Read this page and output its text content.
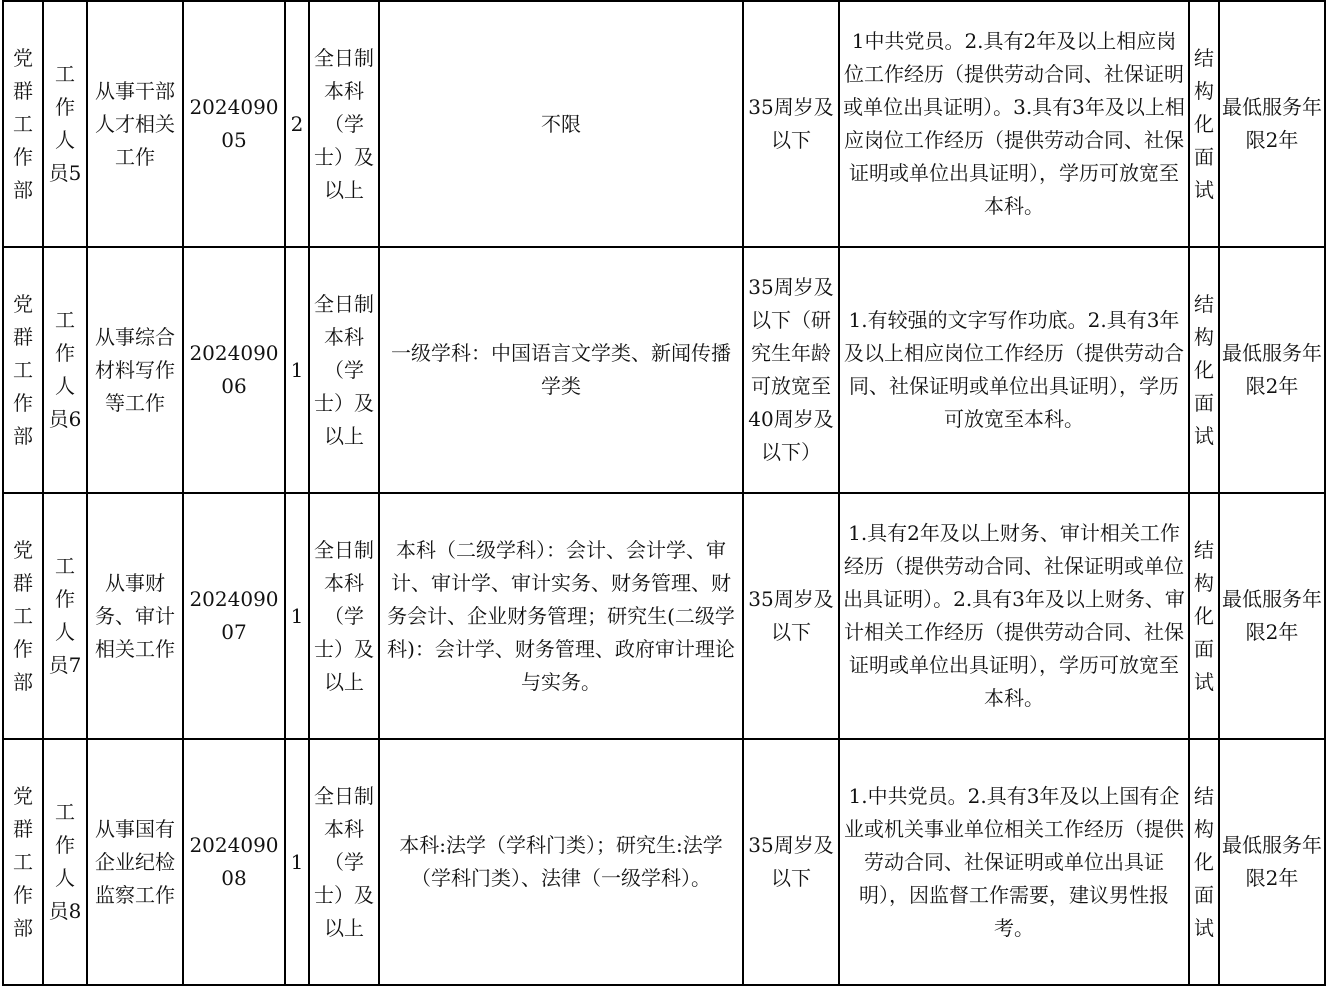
党群工作部	工作人员5	从事干部人才相关工作	202409005	2	全日制本科（学士）及以上	不限	35周岁及以下	1中共党员。2.具有2年及以上相应岗位工作经历（提供劳动合同、社保证明或单位出具证明）。3.具有3年及以上相应岗位工作经历（提供劳动合同、社保证明或单位出具证明），学历可放宽至本科。	结构化面试	最低服务年限2年
党群工作部	工作人员6	从事综合材料写作等工作	202409006	1	全日制本科（学士）及以上	一级学科：中国语言文学类、新闻传播学类	35周岁及以下（研究生年龄可放宽至40周岁及以下）	1.有较强的文字写作功底。2.具有3年及以上相应岗位工作经历（提供劳动合同、社保证明或单位出具证明），学历可放宽至本科。	结构化面试	最低服务年限2年
党群工作部	工作人员7	从事财务、审计相关工作	202409007	1	全日制本科（学士）及以上	本科（二级学科）：会计、会计学、审计、审计学、审计实务、财务管理、财务会计、企业财务管理；研究生(二级学科)：会计学、财务管理、政府审计理论与实务。	35周岁及以下	1.具有2年及以上财务、审计相关工作经历（提供劳动合同、社保证明或单位出具证明）。2.具有3年及以上财务、审计相关工作经历（提供劳动合同、社保证明或单位出具证明），学历可放宽至本科。	结构化面试	最低服务年限2年
党群工作部	工作人员8	从事国有企业纪检监察工作	202409008	1	全日制本科（学士）及以上	本科:法学（学科门类）；研究生:法学（学科门类）、法律（一级学科）。	35周岁及以下	1.中共党员。2.具有3年及以上国有企业或机关事业单位相关工作经历（提供劳动合同、社保证明或单位出具证明），因监督工作需要，建议男性报考。	结构化面试	最低服务年限2年
